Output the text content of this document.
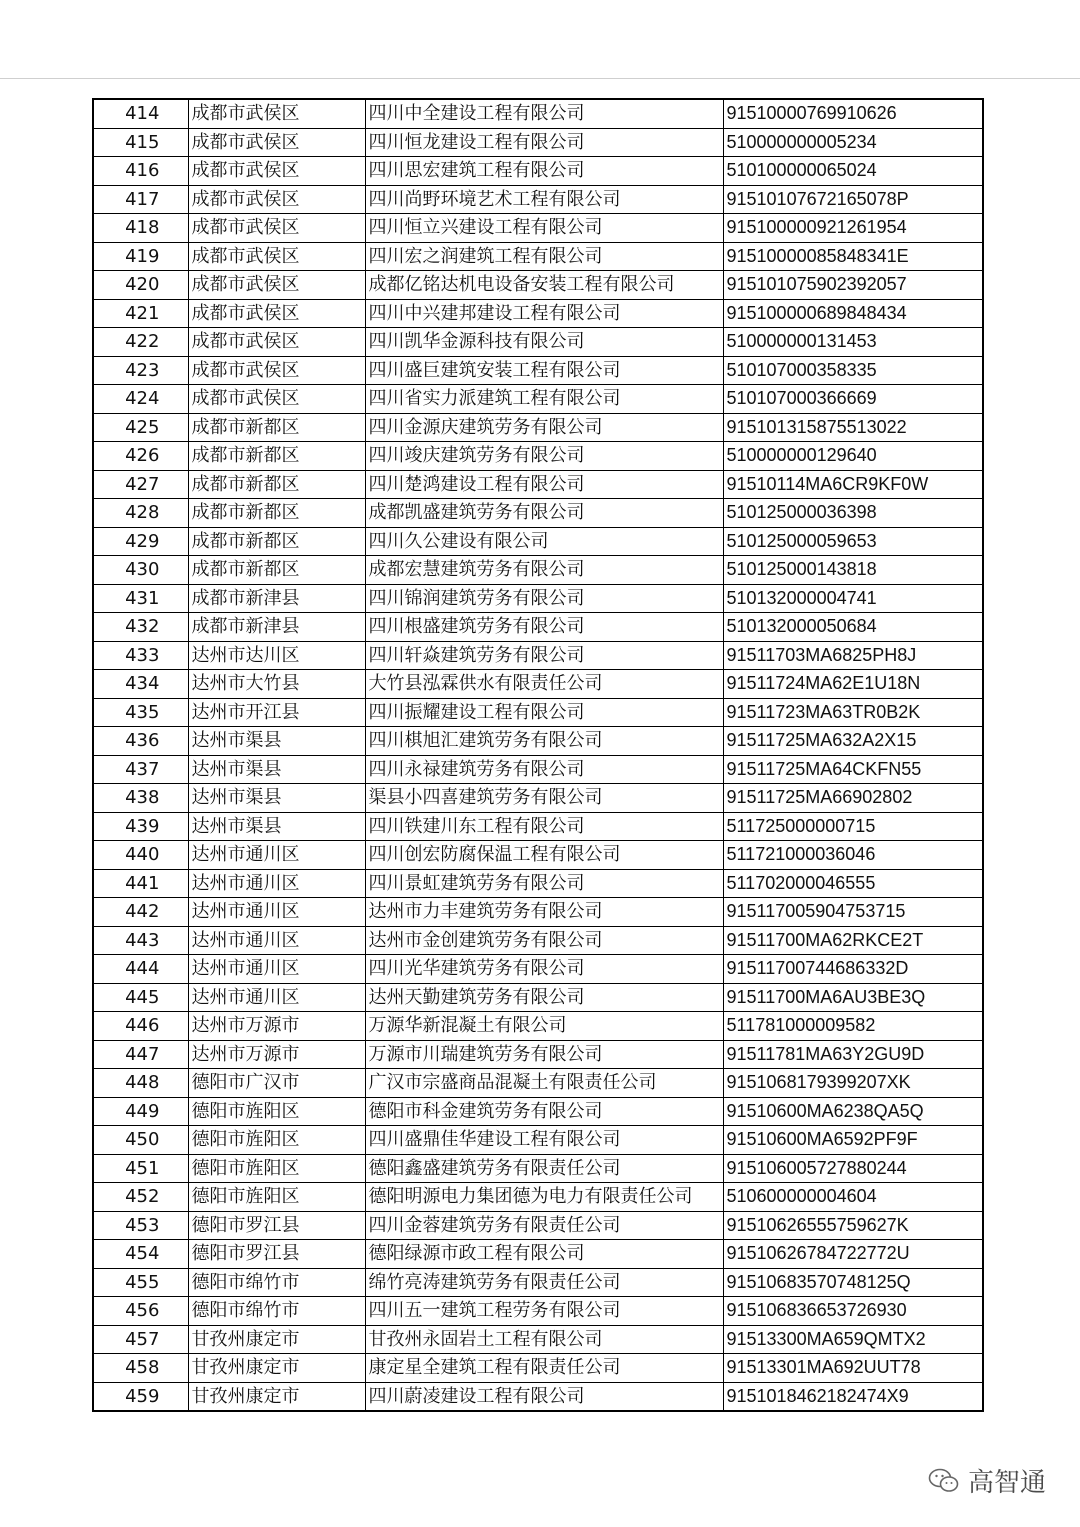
414	成都市武侯区	四川中全建设工程有限公司	91510000769910626
415	成都市武侯区	四川恒龙建设工程有限公司	510000000005234
416	成都市武侯区	四川思宏建筑工程有限公司	510100000065024
417	成都市武侯区	四川尚野环境艺术工程有限公司	91510107672165078P
418	成都市武侯区	四川恒立兴建设工程有限公司	915100000921261954
419	成都市武侯区	四川宏之润建筑工程有限公司	91510000085848341E
420	成都市武侯区	成都亿铭达机电设备安装工程有限公司	915101075902392057
421	成都市武侯区	四川中兴建邦建设工程有限公司	915100000689848434
422	成都市武侯区	四川凯华金源科技有限公司	510000000131453
423	成都市武侯区	四川盛巨建筑安装工程有限公司	510107000358335
424	成都市武侯区	四川省实力派建筑工程有限公司	510107000366669
425	成都市新都区	四川金源庆建筑劳务有限公司	915101315875513022
426	成都市新都区	四川竣庆建筑劳务有限公司	510000000129640
427	成都市新都区	四川楚鸿建设工程有限公司	91510114MA6CR9KF0W
428	成都市新都区	成都凯盛建筑劳务有限公司	510125000036398
429	成都市新都区	四川久公建设有限公司	510125000059653
430	成都市新都区	成都宏慧建筑劳务有限公司	510125000143818
431	成都市新津县	四川锦润建筑劳务有限公司	510132000004741
432	成都市新津县	四川根盛建筑劳务有限公司	510132000050684
433	达州市达川区	四川轩焱建筑劳务有限公司	91511703MA6825PH8J
434	达州市大竹县	大竹县泓霖供水有限责任公司	91511724MA62E1U18N
435	达州市开江县	四川振耀建设工程有限公司	91511723MA63TR0B2K
436	达州市渠县	四川棋旭汇建筑劳务有限公司	91511725MA632A2X15
437	达州市渠县	四川永禄建筑劳务有限公司	91511725MA64CKFN55
438	达州市渠县	渠县小四喜建筑劳务有限公司	91511725MA66902802
439	达州市渠县	四川铁建川东工程有限公司	511725000000715
440	达州市通川区	四川创宏防腐保温工程有限公司	511721000036046
441	达州市通川区	四川景虹建筑劳务有限公司	511702000046555
442	达州市通川区	达州市力丰建筑劳务有限公司	915117005904753715
443	达州市通川区	达州市金创建筑劳务有限公司	91511700MA62RKCE2T
444	达州市通川区	四川光华建筑劳务有限公司	91511700744686332D
445	达州市通川区	达州天勤建筑劳务有限公司	91511700MA6AU3BE3Q
446	达州市万源市	万源华新混凝土有限公司	511781000009582
447	达州市万源市	万源市川瑞建筑劳务有限公司	91511781MA63Y2GU9D
448	德阳市广汉市	广汉市宗盛商品混凝土有限责任公司	915106817939920​7XK
449	德阳市旌阳区	德阳市科金建筑劳务有限公司	91510600MA6238QA5Q
450	德阳市旌阳区	四川盛鼎佳华建设工程有限公司	91510600MA6592PF9F
451	德阳市旌阳区	德阳鑫盛建筑劳务有限责任公司	915106005727880244
452	德阳市旌阳区	德阳明源电力集团德为电力有限责任公司	510600000004604
453	德阳市罗江县	四川金蓉建筑劳务有限责任公司	91510626555759627K
454	德阳市罗江县	德阳绿源市政工程有限公司	91510626784722772U
455	德阳市绵竹市	绵竹亮涛建筑劳务有限责任公司	91510683570748125Q
456	德阳市绵竹市	四川五一建筑工程劳务有限公司	915106836653726930
457	甘孜州康定市	甘孜州永固岩土工程有限公司	91513300MA659QMTX2
458	甘孜州康定市	康定星全建筑工程有限责任公司	91513301MA692UUT78
459	甘孜州康定市	四川蔚凌建设工程有限公司	91510184621824​74X9
高智通
